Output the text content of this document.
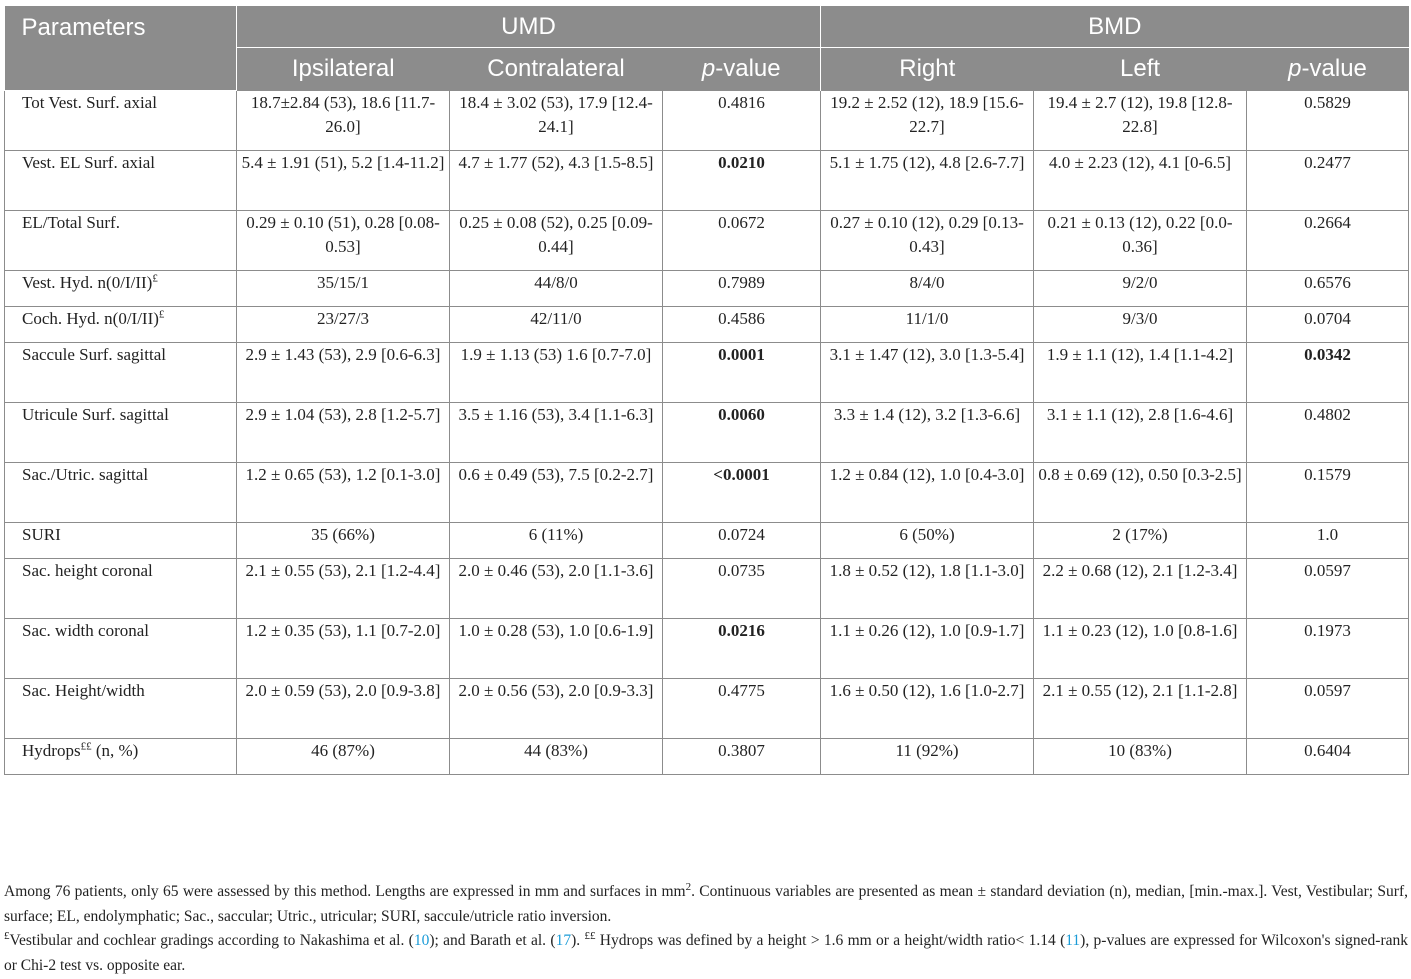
Parameters	UMD			BMD		
	Ipsilateral	Contralateral	p-value	Right	Left	p-value
Tot Vest. Surf. axial	18.7±2.84 (53), 18.6 [11.7-26.0]	18.4 ± 3.02 (53), 17.9 [12.4-24.1]	0.4816	19.2 ± 2.52 (12), 18.9 [15.6-22.7]	19.4 ± 2.7 (12), 19.8 [12.8-22.8]	0.5829
Vest. EL Surf. axial	5.4 ± 1.91 (51), 5.2 [1.4-11.2]	4.7 ± 1.77 (52), 4.3 [1.5-8.5]	0.0210	5.1 ± 1.75 (12), 4.8 [2.6-7.7]	4.0 ± 2.23 (12), 4.1 [0-6.5]	0.2477
EL/Total Surf.	0.29 ± 0.10 (51), 0.28 [0.08-0.53]	0.25 ± 0.08 (52), 0.25 [0.09-0.44]	0.0672	0.27 ± 0.10 (12), 0.29 [0.13-0.43]	0.21 ± 0.13 (12), 0.22 [0.0-0.36]	0.2664
Vest. Hyd. n(0/I/II)£	35/15/1	44/8/0	0.7989	8/4/0	9/2/0	0.6576
Coch. Hyd. n(0/I/II)£	23/27/3	42/11/0	0.4586	11/1/0	9/3/0	0.0704
Saccule Surf. sagittal	2.9 ± 1.43 (53), 2.9 [0.6-6.3]	1.9 ± 1.13 (53) 1.6 [0.7-7.0]	0.0001	3.1 ± 1.47 (12), 3.0 [1.3-5.4]	1.9 ± 1.1 (12), 1.4 [1.1-4.2]	0.0342
Utricule Surf. sagittal	2.9 ± 1.04 (53), 2.8 [1.2-5.7]	3.5 ± 1.16 (53), 3.4 [1.1-6.3]	0.0060	3.3 ± 1.4 (12), 3.2 [1.3-6.6]	3.1 ± 1.1 (12), 2.8 [1.6-4.6]	0.4802
Sac./Utric. sagittal	1.2 ± 0.65 (53), 1.2 [0.1-3.0]	0.6 ± 0.49 (53), 7.5 [0.2-2.7]	<0.0001	1.2 ± 0.84 (12), 1.0 [0.4-3.0]	0.8 ± 0.69 (12), 0.50 [0.3-2.5]	0.1579
SURI	35 (66%)	6 (11%)	0.0724	6 (50%)	2 (17%)	1.0
Sac. height coronal	2.1 ± 0.55 (53), 2.1 [1.2-4.4]	2.0 ± 0.46 (53), 2.0 [1.1-3.6]	0.0735	1.8 ± 0.52 (12), 1.8 [1.1-3.0]	2.2 ± 0.68 (12), 2.1 [1.2-3.4]	0.0597
Sac. width coronal	1.2 ± 0.35 (53), 1.1 [0.7-2.0]	1.0 ± 0.28 (53), 1.0 [0.6-1.9]	0.0216	1.1 ± 0.26 (12), 1.0 [0.9-1.7]	1.1 ± 0.23 (12), 1.0 [0.8-1.6]	0.1973
Sac. Height/width	2.0 ± 0.59 (53), 2.0 [0.9-3.8]	2.0 ± 0.56 (53), 2.0 [0.9-3.3]	0.4775	1.6 ± 0.50 (12), 1.6 [1.0-2.7]	2.1 ± 0.55 (12), 2.1 [1.1-2.8]	0.0597
Hydrops££ (n, %)	46 (87%)	44 (83%)	0.3807	11 (92%)	10 (83%)	0.6404

Among 76 patients, only 65 were assessed by this method. Lengths are expressed in mm and surfaces in $mm^2$. Continuous variables are presented as mean ± standard deviation (n), median, [min.-max.]. Vest, Vestibular; Surf, surface; EL, endolymphatic; Sac., saccular; Utric., utricular; SURI, saccule/utricle ratio inversion.

£Vestibular and cochlear gradings according to Nakashima et al. (10); and Barath et al. (17). ££ Hydrops was defined by a height > 1.6 mm or a height/width ratio< 1.14 (11), p-values are expressed for Wilcoxon's signed-rank or Chi-2 test vs. opposite ear.
